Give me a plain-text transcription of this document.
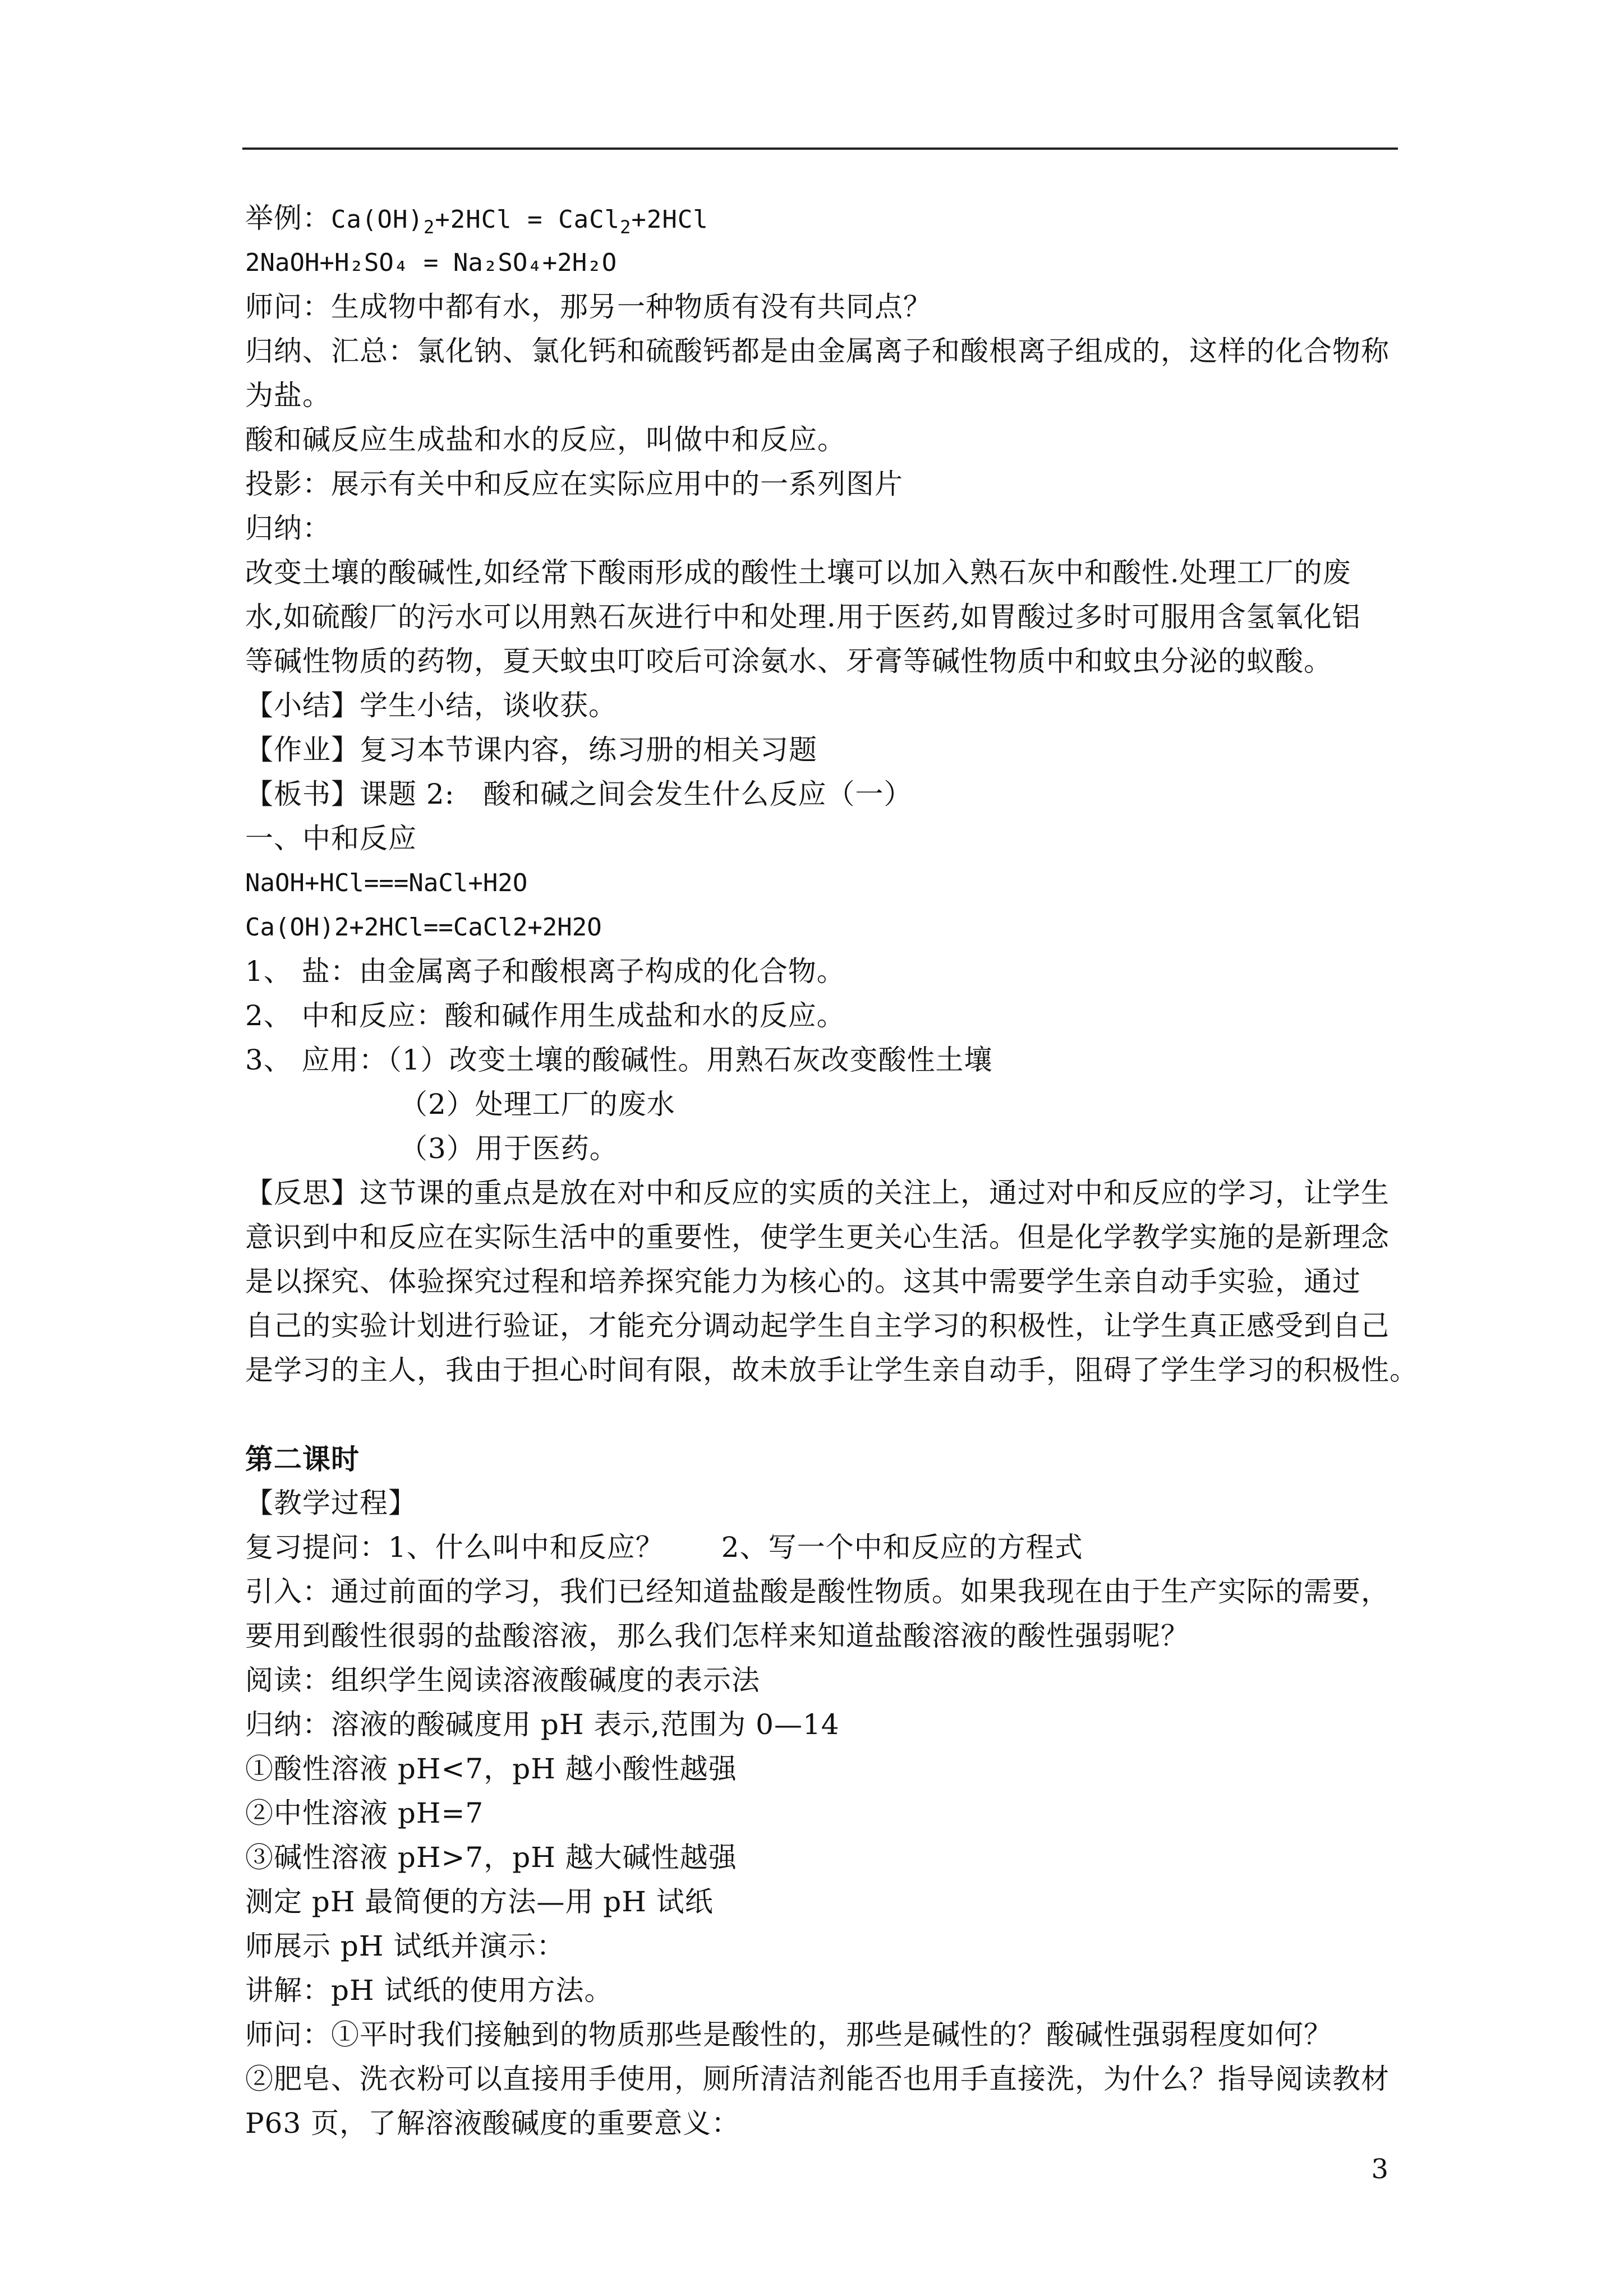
举例：$Ca(OH)_2+2HCl$ = CaCl$_2$+2HCl
2NaOH+H₂SO₄ = Na₂SO₄+2H₂O
师问：生成物中都有水，那另一种物质有没有共同点？
归纳、汇总：氯化钠、氯化钙和硫酸钙都是由金属离子和酸根离子组成的，这样的化合物称
为盐。
酸和碱反应生成盐和水的反应，叫做中和反应。
投影：展示有关中和反应在实际应用中的一系列图片
归纳：
改变土壤的酸碱性,如经常下酸雨形成的酸性土壤可以加入熟石灰中和酸性.处理工厂的废
水,如硫酸厂的污水可以用熟石灰进行中和处理.用于医药,如胃酸过多时可服用含氢氧化铝
等碱性物质的药物，夏天蚊虫叮咬后可涂氨水、牙膏等碱性物质中和蚊虫分泌的蚁酸。
【小结】学生小结，谈收获。
【作业】复习本节课内容，练习册的相关习题
【板书】课题 2:　酸和碱之间会发生什么反应（一）
一、中和反应
NaOH+HCl===NaCl+H2O
Ca(OH)2+2HCl==CaCl2+2H2O
1、 盐：由金属离子和酸根离子构成的化合物。
2、 中和反应：酸和碱作用生成盐和水的反应。
3、 应用：（1）改变土壤的酸碱性。用熟石灰改变酸性土壤
（2）处理工厂的废水
（3）用于医药。
【反思】这节课的重点是放在对中和反应的实质的关注上，通过对中和反应的学习，让学生
意识到中和反应在实际生活中的重要性，使学生更关心生活。但是化学教学实施的是新理念
是以探究、体验探究过程和培养探究能力为核心的。这其中需要学生亲自动手实验，通过
自己的实验计划进行验证，才能充分调动起学生自主学习的积极性，让学生真正感受到自己
是学习的主人，我由于担心时间有限，故未放手让学生亲自动手，阻碍了学生学习的积极性。
第二课时
【教学过程】
复习提问：1、什么叫中和反应？　　2、写一个中和反应的方程式
引入：通过前面的学习，我们已经知道盐酸是酸性物质。如果我现在由于生产实际的需要，
要用到酸性很弱的盐酸溶液，那么我们怎样来知道盐酸溶液的酸性强弱呢？
阅读：组织学生阅读溶液酸碱度的表示法
归纳：溶液的酸碱度用 pH 表示,范围为 0—14
①酸性溶液 pH<7，pH 越小酸性越强
②中性溶液 pH=7
③碱性溶液 pH>7，pH 越大碱性越强
测定 pH 最简便的方法—用 pH 试纸
师展示 pH 试纸并演示：
讲解：pH 试纸的使用方法。
师问：①平时我们接触到的物质那些是酸性的，那些是碱性的？酸碱性强弱程度如何？
②肥皂、洗衣粉可以直接用手使用，厕所清洁剂能否也用手直接洗，为什么？指导阅读教材
P63 页，了解溶液酸碱度的重要意义：
3
